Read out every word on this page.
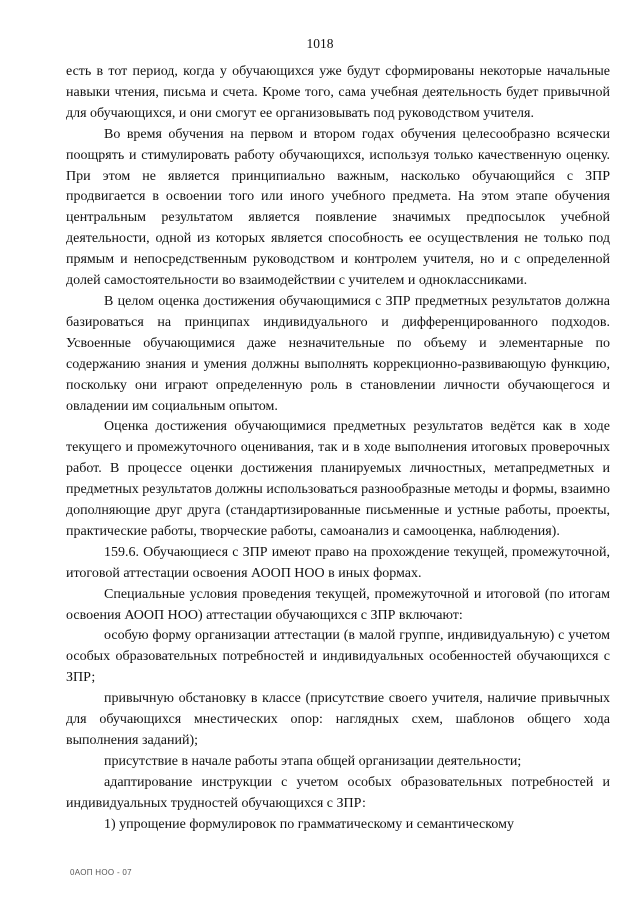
1018

есть в тот период, когда у обучающихся уже будут сформированы некоторые начальные навыки чтения, письма и счета. Кроме того, сама учебная деятельность будет привычной для обучающихся, и они смогут ее организовывать под руководством учителя.

Во время обучения на первом и втором годах обучения целесообразно всячески поощрять и стимулировать работу обучающихся, используя только качественную оценку. При этом не является принципиально важным, насколько обучающийся с ЗПР продвигается в освоении того или иного учебного предмета. На этом этапе обучения центральным результатом является появление значимых предпосылок учебной деятельности, одной из которых является способность ее осуществления не только под прямым и непосредственным руководством и контролем учителя, но и с определенной долей самостоятельности во взаимодействии с учителем и одноклассниками.

В целом оценка достижения обучающимися с ЗПР предметных результатов должна базироваться на принципах индивидуального и дифференцированного подходов. Усвоенные обучающимися даже незначительные по объему и элементарные по содержанию знания и умения должны выполнять коррекционно-развивающую функцию, поскольку они играют определенную роль в становлении личности обучающегося и овладении им социальным опытом.

Оценка достижения обучающимися предметных результатов ведётся как в ходе текущего и промежуточного оценивания, так и в ходе выполнения итоговых проверочных работ. В процессе оценки достижения планируемых личностных, метапредметных и предметных результатов должны использоваться разнообразные методы и формы, взаимно дополняющие друг друга (стандартизированные письменные и устные работы, проекты, практические работы, творческие работы, самоанализ и самооценка, наблюдения).

159.6. Обучающиеся с ЗПР имеют право на прохождение текущей, промежуточной, итоговой аттестации освоения АООП НОО в иных формах.

Специальные условия проведения текущей, промежуточной и итоговой (по итогам освоения АООП НОО) аттестации обучающихся с ЗПР включают:

особую форму организации аттестации (в малой группе, индивидуальную) с учетом особых образовательных потребностей и индивидуальных особенностей обучающихся с ЗПР;

привычную обстановку в классе (присутствие своего учителя, наличие привычных для обучающихся мнестических опор: наглядных схем, шаблонов общего хода выполнения заданий);

присутствие в начале работы этапа общей организации деятельности;

адаптирование инструкции с учетом особых образовательных потребностей и индивидуальных трудностей обучающихся с ЗПР:

1) упрощение формулировок по грамматическому и семантическому

0АОП НОО - 07
